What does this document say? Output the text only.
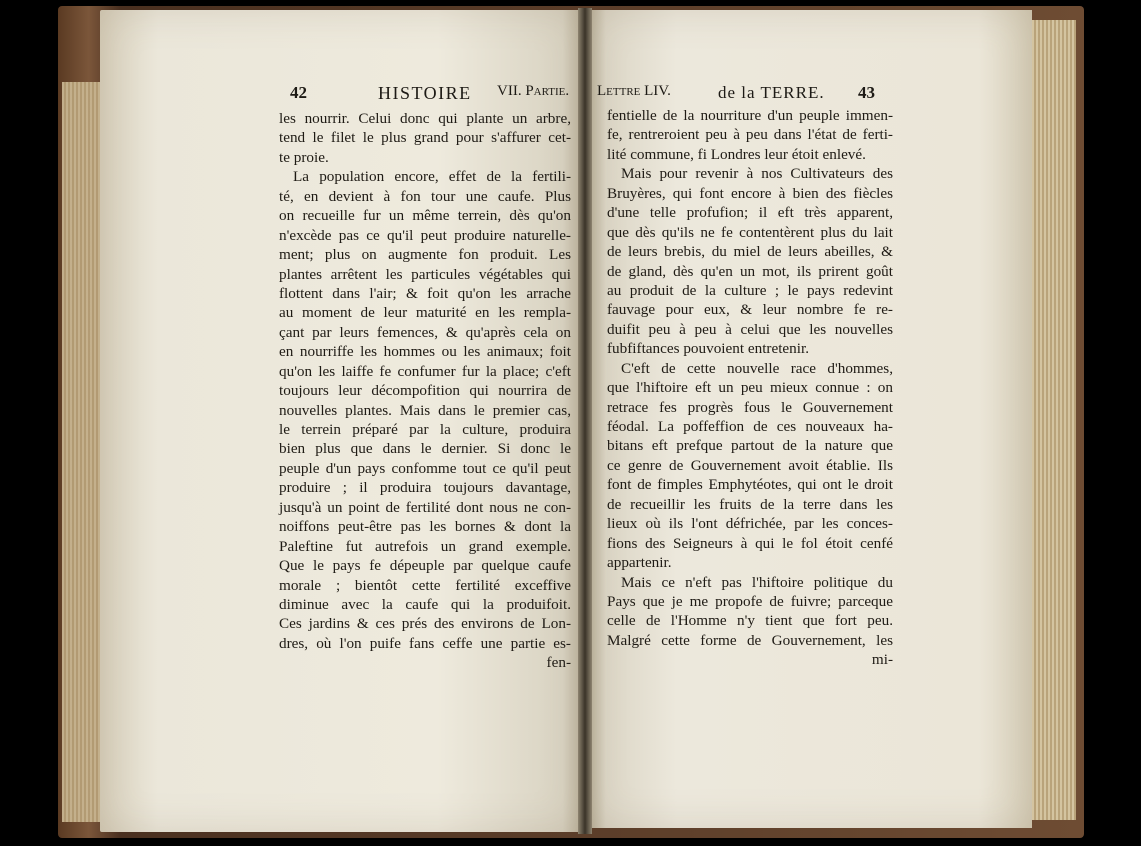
42	HISTOIRE VII. Partie. Lettre LIV.	de la TERRE. 43
les nourrir. Celui donc qui plante un arbre,
tend le filet le plus grand pour s'affurer cet-
te proie.
La population encore, effet de la fertili-
té, en devient à fon tour une caufe. Plus
on recueille fur un même terrein, dès qu'on
n'excède pas ce qu'il peut produire naturelle-
ment; plus on augmente fon produit. Les
plantes arrêtent les particules végétables qui
flottent dans l'air; & foit qu'on les arrache
au moment de leur maturité en les rempla-
çant par leurs femences, & qu'après cela on
en nourriffe les hommes ou les animaux; foit
qu'on les laiffe fe confumer fur la place; c'eft
toujours leur décompofition qui nourrira de
nouvelles plantes. Mais dans le premier cas,
le terrein préparé par la culture, produira
bien plus que dans le dernier. Si donc le
peuple d'un pays confomme tout ce qu'il peut
produire ; il produira toujours davantage,
jusqu'à un point de fertilité dont nous ne con-
noiffons peut-être pas les bornes & dont la
Paleftine fut autrefois un grand exemple.
Que le pays fe dépeuple par quelque caufe
morale ; bientôt cette fertilité exceffive
diminue avec la caufe qui la produifoit.
Ces jardins & ces prés des environs de Lon-
dres, où l'on puife fans ceffe une partie es-
fen-
fentielle de la nourriture d'un peuple immen-
fe, rentreroient peu à peu dans l'état de ferti-
lité commune, fi Londres leur étoit enlevé.
Mais pour revenir à nos Cultivateurs des
Bruyères, qui font encore à bien des fiècles
d'une telle profufion; il eft très apparent,
que dès qu'ils ne fe contentèrent plus du lait
de leurs brebis, du miel de leurs abeilles, &
de gland, dès qu'en un mot, ils prirent goût
au produit de la culture ; le pays redevint
fauvage pour eux, & leur nombre fe re-
duifit peu à peu à celui que les nouvelles
fubfiftances pouvoient entretenir.
C'eft de cette nouvelle race d'hommes,
que l'hiftoire eft un peu mieux connue : on
retrace fes progrès fous le Gouvernement
féodal. La poffeffion de ces nouveaux ha-
bitans eft prefque partout de la nature que
ce genre de Gouvernement avoit établie. Ils
font de fimples Emphytéotes, qui ont le droit
de recueillir les fruits de la terre dans les
lieux où ils l'ont défrichée, par les conces-
fions des Seigneurs à qui le fol étoit cenfé
appartenir.
Mais ce n'eft pas l'hiftoire politique du
Pays que je me propofe de fuivre; parceque
celle de l'Homme n'y tient que fort peu.
Malgré cette forme de Gouvernement, les
mi-
